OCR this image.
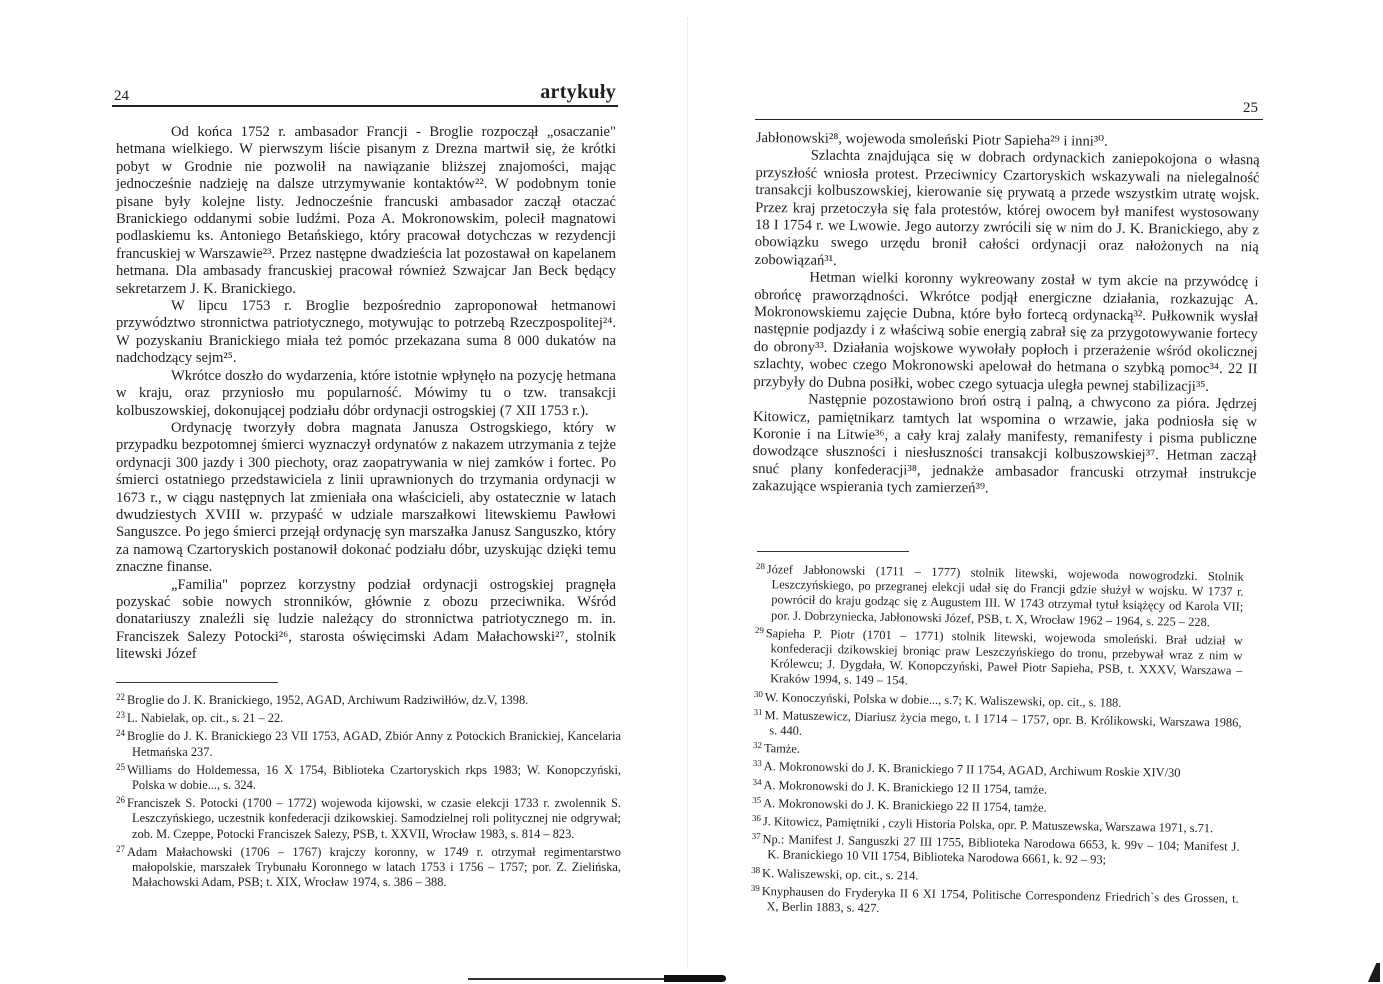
24	artykuły

Od końca 1752 r. ambasador Francji - Broglie rozpoczął „osaczanie" hetmana wielkiego. W pierwszym liście pisanym z Drezna martwił się, że krótki pobyt w Grodnie nie pozwolił na nawiązanie bliższej znajomości, mając jednocześnie nadzieję na dalsze utrzymywanie kontaktów²². W podobnym tonie pisane były kolejne listy. Jednocześnie francuski ambasador zaczął otaczać Branickiego oddanymi sobie ludźmi. Poza A. Mokronowskim, polecił magnatowi podlaskiemu ks. Antoniego Betańskiego, który pracował dotychczas w rezydencji francuskiej w Warszawie²³. Przez następne dwadzieścia lat pozostawał on kapelanem hetmana. Dla ambasady francuskiej pracował również Szwajcar Jan Beck będący sekretarzem J. K. Branickiego.

W lipcu 1753 r. Broglie bezpośrednio zaproponował hetmanowi przywództwo stronnictwa patriotycznego, motywując to potrzebą Rzeczpospolitej²⁴. W pozyskaniu Branickiego miała też pomóc przekazana suma 8 000 dukatów na nadchodzący sejm²⁵.

Wkrótce doszło do wydarzenia, które istotnie wpłynęło na pozycję hetmana w kraju, oraz przyniosło mu popularność. Mówimy tu o tzw. transakcji kolbuszowskiej, dokonującej podziału dóbr ordynacji ostrogskiej (7 XII 1753 r.).

Ordynację tworzyły dobra magnata Janusza Ostrogskiego, który w przypadku bezpotomnej śmierci wyznaczył ordynatów z nakazem utrzymania z tejże ordynacji 300 jazdy i 300 piechoty, oraz zaopatrywania w niej zamków i fortec. Po śmierci ostatniego przedstawiciela z linii uprawnionych do trzymania ordynacji w 1673 r., w ciągu następnych lat zmieniała ona właścicieli, aby ostatecznie w latach dwudziestych XVIII w. przypaść w udziale marszałkowi litewskiemu Pawłowi Sanguszce. Po jego śmierci przejął ordynację syn marszałka Janusz Sanguszko, który za namową Czartoryskich postanowił dokonać podziału dóbr, uzyskując dzięki temu znaczne finanse.

„Familia" poprzez korzystny podział ordynacji ostrogskiej pragnęła pozyskać sobie nowych stronników, głównie z obozu przeciwnika. Wśród donatariuszy znaleźli się ludzie należący do stronnictwa patriotycznego m. in. Franciszek Salezy Potocki²⁶, starosta oświęcimski Adam Małachowski²⁷, stolnik litewski Józef

$^{22}$ Broglie do J. K. Branickiego, 1952, AGAD, Archiwum Radziwiłłów, dz.V, 1398.
$^{23}$ L. Nabielak, op. cit., s. 21 – 22.
$^{24}$ Broglie do J. K. Branickiego 23 VII 1753, AGAD, Zbiór Anny z Potockich Branickiej, Kancelaria Hetmańska 237.
$^{25}$ Williams do Holdemessa, 16 X 1754, Biblioteka Czartoryskich rkps 1983; W. Konopczyński, Polska w dobie..., s. 324.
$^{26}$ Franciszek S. Potocki (1700 – 1772) wojewoda kijowski, w czasie elekcji 1733 r. zwolennik S. Leszczyńskiego, uczestnik konfederacji dzikowskiej. Samodzielnej roli politycznej nie odgrywał; zob. M. Czeppe, Potocki Franciszek Salezy, PSB, t. XXVII, Wrocław 1983, s. 814 – 823.
$^{27}$ Adam Małachowski (1706 – 1767) krajczy koronny, w 1749 r. otrzymał regimentarstwo małopolskie, marszałek Trybunału Koronnego w latach 1753 i 1756 – 1757; por. Z. Zielińska, Małachowski Adam, PSB; t. XIX, Wrocław 1974, s. 386 – 388.
25

Jabłonowski²⁸, wojewoda smoleński Piotr Sapieha²⁹ i inni³⁰.

Szlachta znajdująca się w dobrach ordynackich zaniepokojona o własną przyszłość wniosła protest. Przeciwnicy Czartoryskich wskazywali na nielegalność transakcji kolbuszowskiej, kierowanie się prywatą a przede wszystkim utratę wojsk. Przez kraj przetoczyła się fala protestów, której owocem był manifest wystosowany 18 I 1754 r. we Lwowie. Jego autorzy zwrócili się w nim do J. K. Branickiego, aby z obowiązku swego urzędu bronił całości ordynacji oraz nałożonych na nią zobowiązań³¹.

Hetman wielki koronny wykreowany został w tym akcie na przywódcę i obrońcę praworządności. Wkrótce podjął energiczne działania, rozkazując A. Mokronowskiemu zajęcie Dubna, które było fortecą ordynacką³². Pułkownik wysłał następnie podjazdy i z właściwą sobie energią zabrał się za przygotowywanie fortecy do obrony³³. Działania wojskowe wywołały popłoch i przerażenie wśród okolicznej szlachty, wobec czego Mokronowski apelował do hetmana o szybką pomoc³⁴. 22 II przybyły do Dubna posiłki, wobec czego sytuacja uległa pewnej stabilizacji³⁵.

Następnie pozostawiono broń ostrą i palną, a chwycono za pióra. Jędrzej Kitowicz, pamiętnikarz tamtych lat wspomina o wrzawie, jaka podniosła się w Koronie i na Litwie³⁶, a cały kraj zalały manifesty, remanifesty i pisma publiczne dowodzące słuszności i niesłuszności transakcji kolbuszowskiej³⁷. Hetman zaczął snuć plany konfederacji³⁸, jednakże ambasador francuski otrzymał instrukcje zakazujące wspierania tych zamierzeń³⁹.

$^{28}$ Józef Jabłonowski (1711 – 1777) stolnik litewski, wojewoda nowogrodzki. Stolnik Leszczyńskiego, po przegranej elekcji udał się do Francji gdzie służył w wojsku. W 1737 r. powrócił do kraju godząc się z Augustem III. W 1743 otrzymał tytuł książęcy od Karola VII; por. J. Dobrzyniecka, Jabłonowski Józef, PSB, t. X, Wrocław 1962 – 1964, s. 225 – 228.
$^{29}$ Sapieha P. Piotr (1701 – 1771) stolnik litewski, wojewoda smoleński. Brał udział w konfederacji dzikowskiej broniąc praw Leszczyńskiego do tronu, przebywał wraz z nim w Królewcu; J. Dygdała, W. Konopczyński, Paweł Piotr Sapieha, PSB, t. XXXV, Warszawa – Kraków 1994, s. 149 – 154.
$^{30}$ W. Konoczyński, Polska w dobie..., s.7; K. Waliszewski, op. cit., s. 188.
$^{31}$ M. Matuszewicz, Diariusz życia mego, t. I 1714 – 1757, opr. B. Królikowski, Warszawa 1986, s. 440.
$^{32}$ Tamże.
$^{33}$ A. Mokronowski do J. K. Branickiego 7 II 1754, AGAD, Archiwum Roskie XIV/30
$^{34}$ A. Mokronowski do J. K. Branickiego 12 II 1754, tamże.
$^{35}$ A. Mokronowski do J. K. Branickiego 22 II 1754, tamże.
$^{36}$ J. Kitowicz, Pamiętniki , czyli Historia Polska, opr. P. Matuszewska, Warszawa 1971, s.71.
$^{37}$ Np.: Manifest J. Sanguszki 27 III 1755, Biblioteka Narodowa 6653, k. 99v – 104; Manifest J. K. Branickiego 10 VII 1754, Biblioteka Narodowa 6661, k. 92 – 93;
$^{38}$ K. Waliszewski, op. cit., s. 214.
$^{39}$ Knyphausen do Fryderyka II 6 XI 1754, Politische Correspondenz Friedrich`s des Grossen, t. X, Berlin 1883, s. 427.
